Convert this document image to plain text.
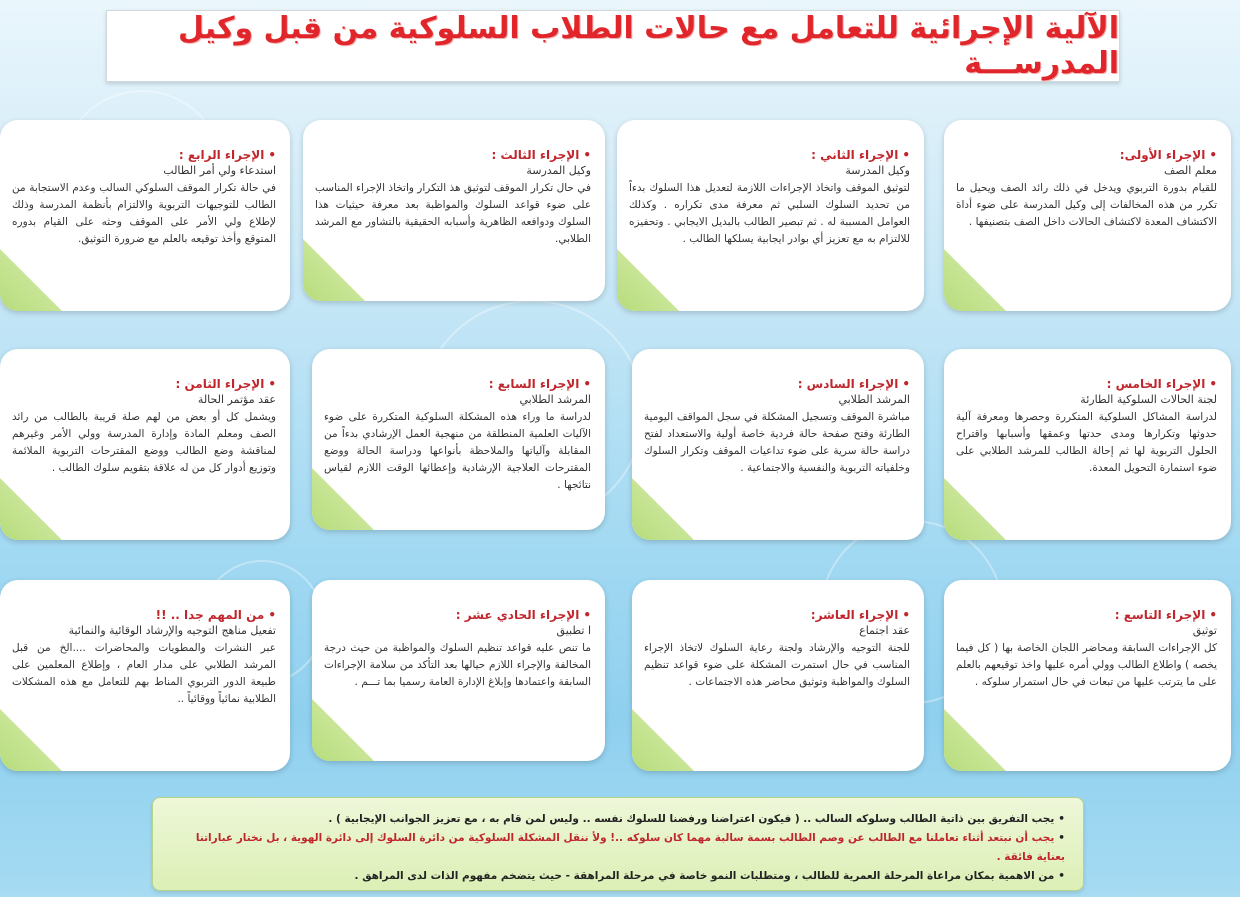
الآلية الإجرائية للتعامل مع حالات الطلاب السلوكية من قبل وكيل المدرســـة
•الإجراء الأولى:
معلم الصف
للقيام بدورة التربوي ويدخل في ذلك رائد الصف ويحيل ما تكرر من هذه المخالفات إلى وكيل المدرسة على ضوء أداة الاكتشاف المعدة لاكتشاف الحالات داخل الصف بتصنيفها .
•الإجراء الثاني :
وكيل المدرسة
لتوثيق الموقف واتخاذ الإجراءات اللازمة لتعديل هذا السلوك بدءاً من تحديد السلوك السلبي ثم معرفة مدى تكراره . وكذلك العوامل المسببة له . ثم تبصير الطالب بالبديل الايجابي . وتحفيزه للالتزام به مع تعزيز أي بوادر ايجابية يسلكها الطالب .
•الإجراء الثالث :
وكيل المدرسة
في حال تكرار الموقف لتوثيق هذ التكرار واتخاذ الإجراء المناسب على ضوء قواعد السلوك والمواظبة بعد معرفة حيثيات هذا السلوك ودوافعه الظاهرية وأسبابه الحقيقية بالتشاور مع المرشد الطلابي.
•الإجراء الرابع :
استدعاء ولي أمر الطالب
في حالة تكرار الموقف السلوكي السالب وعدم الاستجابة من الطالب للتوجيهات التربوية والالتزام بأنظمة المدرسة وذلك لإطلاع ولي الأمر على الموقف وحثه على القيام بدوره المتوقع وأخذ توقيعه بالعلم مع ضرورة التوثيق.
•الإجراء الخامس :
لجنة الحالات السلوكية الطارئة
لدراسة المشاكل السلوكية المتكررة وحصرها ومعرفة آلية حدوثها وتكرارها ومدى حدتها وعمقها وأسبابها واقتراح الحلول التربوية لها ثم إحالة الطالب للمرشد الطلابي على ضوء استمارة التحويل المعدة.
•الإجراء السادس :
المرشد الطلابي
مباشرة الموقف وتسجيل المشكلة في سجل المواقف اليومية الطارئة وفتح صفحة حالة فردية خاصة أولية والاستعداد لفتح دراسة حالة سرية على ضوء تداعيات الموقف وتكرار السلوك وخلفياته التربوية والنفسية والاجتماعية .
•الإجراء السابع :
المرشد الطلابي
لدراسة ما وراء هذه المشكلة السلوكية المتكررة على ضوء الآليات العلمية المنطلقة من منهجية العمل الإرشادي بدءاً من المقابلة وآلياتها والملاحظة بأنواعها ودراسة الحالة ووضع المقترحات العلاجية الإرشادية وإعطائها الوقت اللازم لقياس نتائجها .
•الإجراء الثامن :
عقد مؤتمر الحالة
ويشمل كل أو بعض من لهم صلة قريبة بالطالب من رائد الصف ومعلم المادة وإدارة المدرسة وولي الأمر وغيرهم لمناقشة وضع الطالب ووضع المقترحات التربوية الملائمة وتوزيع أدوار كل من له علاقة بتقويم سلوك الطالب .
•الإجراء التاسع :
توثيق
كل الإجراءات السابقة ومحاضر اللجان الخاصة بها ( كل فيما يخصه ) واطلاع الطالب وولي أمره عليها واخذ توقيعهم بالعلم على ما يترتب عليها من تبعات في حال استمرار سلوكه .
•الإجراء العاشر:
عقد اجتماع
للجنة التوجيه والإرشاد ولجنة رعاية السلوك لاتخاذ الإجراء المناسب في حال استمرت المشكلة على ضوء قواعد تنظيم السلوك والمواظبة وتوثيق محاضر هذه الاجتماعات .
•الإجراء الحادي عشر :
ا تطبيق
ما تنص عليه قواعد تنظيم السلوك والمواظبة من حيث درجة المخالفة والإجراء اللازم حيالها بعد التأكد من سلامة الإجراءات السابقة واعتمادها وإبلاغ الإدارة العامة رسميا بما تـــم .
•من المهم جدا .. !!
تفعيل مناهج التوجيه والإرشاد الوقائية والنمائية
عبر النشرات والمطويات والمحاضرات ....الخ من قبل المرشد الطلابي على مدار العام ، وإطلاع المعلمين على طبيعة الدور التربوي المناط بهم للتعامل مع هذه المشكلات الطلابية نمائياً ووقائياً ..
•يجب التفريق بين ذاتية الطالب وسلوكه السالب .. ( فيكون اعتراضنا ورفضنا للسلوك نفسه .. وليس لمن قام به ، مع تعزيز الجوانب الإيجابية ) .
•يجب أن نبتعد أثناء تعاملنا مع الطالب عن وصم الطالب بسمة سالبة مهما كان سلوكه ..! ولأ ننقل المشكلة السلوكية من دائرة السلوك إلى دائرة الهوية ، بل نختار عباراتنا بعناية فائقة .
•من الاهمية بمكان مراعاة المرحلة العمرية للطالب ، ومتطلبات النمو خاصة في مرحلة المراهقة - حيث يتضخم مفهوم الذات لدى المراهق .
